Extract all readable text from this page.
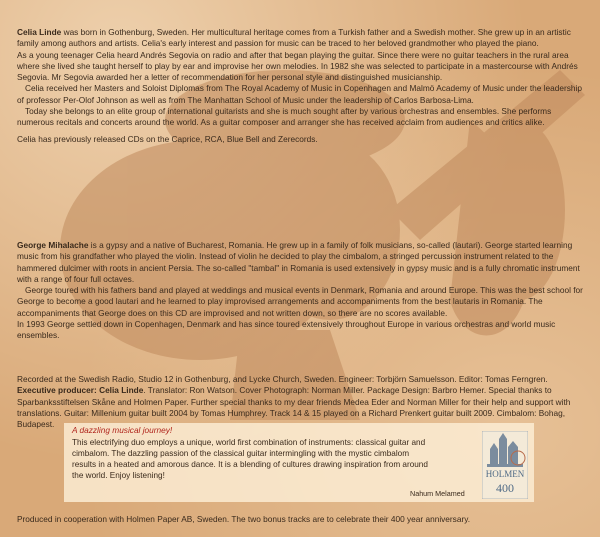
Celia Linde was born in Gothenburg, Sweden. Her multicultural heritage comes from a Turkish father and a Swedish mother. She grew up in an artistic family among authors and artists. Celia's early interest and passion for music can be traced to her beloved grandmother who played the piano.

As a young teenager Celia heard Andrés Segovia on radio and after that began playing the guitar. Since there were no guitar teachers in the rural area where she lived she taught herself to play by ear and improvise her own melodies. In 1982 she was selected to participate in a mastercourse with Andrés Segovia. Mr Segovia awarded her a letter of recommendation for her personal style and distinguished musicianship.

Celia received her Masters and Soloist Diplomas from The Royal Academy of Music in Copenhagen and Malmö Academy of Music under the leadership of professor Per-Olof Johnson as well as from The Manhattan School of Music under the leadership of Carlos Barbosa-Lima.

Today she belongs to an elite group of international guitarists and she is much sought after by various orchestras and ensembles. She performs numerous recitals and concerts around the world. As a guitar composer and arranger she has received acclaim from audiences and critics alike.

Celia has previously released CDs on the Caprice, RCA, Blue Bell and Zerecords.

George Mihalache is a gypsy and a native of Bucharest, Romania. He grew up in a family of folk musicians, so-called (lautari). George started learning music from his grandfather who played the violin. Instead of violin he decided to play the cimbalom, a stringed percussion instrument related to the hammered dulcimer with roots in ancient Persia. The so-called "tambal" in Romania is used extensively in gypsy music and is a fully chromatic instrument with a range of four full octaves.

George toured with his fathers band and played at weddings and musical events in Denmark, Romania and around Europe. This was the best school for George to become a good lautari and he learned to play improvised arrangements and accompaniments from the best lautaris in Romania. The accompaniments that George does on this CD are improvised and not written down, so there are no scores available.

In 1993 George settled down in Copenhagen, Denmark and has since toured extensively throughout Europe in various orchestras and world music ensembles.

Recorded at the Swedish Radio, Studio 12 in Gothenburg, and Lycke Church, Sweden. Engineer: Torbjörn Samuelsson. Editor: Tomas Ferngren. Executive producer: Celia Linde. Translator: Ron Watson. Cover Photograph: Norman Miller. Package Design: Barbro Hemer. Special thanks to Sparbanksstiftelsen Skåne and Holmen Paper. Further special thanks to my dear friends Medea Eder and Norman Miller for their help and support with translations. Guitar: Millenium guitar built 2004 by Tomas Humphrey. Track 14 & 15 played on a Richard Prenkert guitar built 2009. Cimbalom: Bohag, Budapest.

A dazzling musical journey!

This electrifying duo employs a unique, world first combination of instruments: classical guitar and cimbalom. The dazzling passion of the classical guitar intermingling with the mystic cimbalom results in a heated and amorous dance. It is a blending of cultures drawing inspiration from around the world. Enjoy listening!

Nahum Melamed
HOLMEN
400

Produced in cooperation with Holmen Paper AB, Sweden. The two bonus tracks are to celebrate their 400 year anniversary.
